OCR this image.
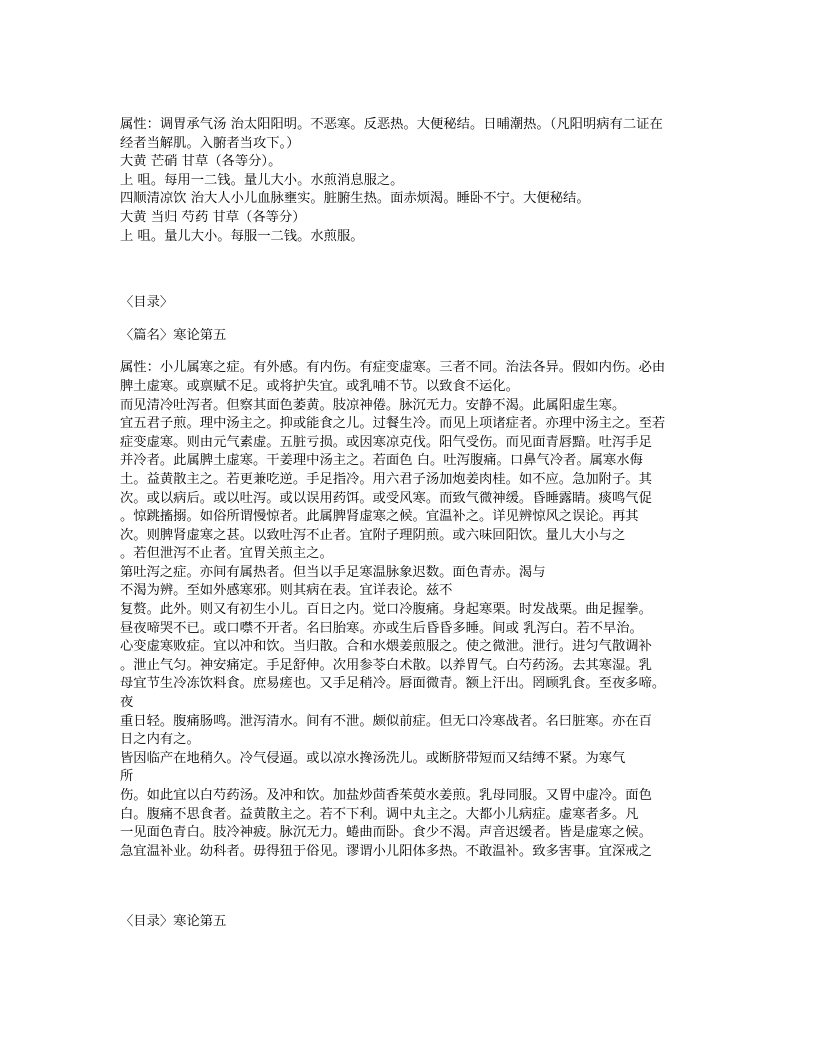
属性：调胃承气汤 治太阳阳明。不恶寒。反恶热。大便秘结。日晡潮热。（凡阳明病有二证在
经者当解肌。入腑者当攻下。）
大黄 芒硝 甘草（各等分）。
上 咀。每用一二钱。量儿大小。水煎消息服之。
四顺清凉饮 治大人小儿血脉壅实。脏腑生热。面赤烦渴。睡卧不宁。大便秘结。
大黄 当归 芍药 甘草（各等分）
上 咀。量儿大小。每服一二钱。水煎服。
〈目录〉
〈篇名〉寒论第五
属性：小儿属寒之症。有外感。有内伤。有症变虚寒。三者不同。治法各异。假如内伤。必由
脾土虚寒。或禀赋不足。或将护失宜。或乳哺不节。以致食不运化。
而见清冷吐泻者。但察其面色萎黄。肢凉神倦。脉沉无力。安静不渴。此属阳虚生寒。
宜五君子煎。理中汤主之。抑或能食之儿。过餐生冷。而见上项诸症者。亦理中汤主之。至若
症变虚寒。则由元气素虚。五脏亏损。或因寒凉克伐。阳气受伤。而见面青唇黯。吐泻手足
并冷者。此属脾土虚寒。干姜理中汤主之。若面色 白。吐泻腹痛。口鼻气冷者。属寒水侮
土。益黄散主之。若更兼吃逆。手足指冷。用六君子汤加炮姜肉桂。如不应。急加附子。其
次。或以病后。或以吐泻。或以误用药饵。或受风寒。而致气微神缓。昏睡露睛。痰鸣气促
。惊跳搐搦。如俗所谓慢惊者。此属脾肾虚寒之候。宜温补之。详见辨惊风之误论。再其
次。则脾肾虚寒之甚。以致吐泻不止者。宜附子理阴煎。或六味回阳饮。量儿大小与之
。若但泄泻不止者。宜胃关煎主之。
第吐泻之症。亦间有属热者。但当以手足寒温脉象迟数。面色青赤。渴与
不渴为辨。至如外感寒邪。则其病在表。宜详表论。兹不
复赘。此外。则又有初生小儿。百日之内。觉口冷腹痛。身起寒栗。时发战栗。曲足握拳。
昼夜啼哭不已。或口噤不开者。名曰胎寒。亦或生后昏昏多睡。间或 乳泻白。若不早治。
心变虚寒败症。宜以冲和饮。当归散。合和水煨姜煎服之。使之微泄。泄行。进匀气散调补
。泄止气匀。神安痛定。手足舒伸。次用参苓白术散。以养胃气。白芍药汤。去其寒湿。乳
母宜节生冷冻饮料食。庶易瘥也。又手足稍冷。唇面微青。额上汗出。罔顾乳食。至夜多啼。
夜
重日轻。腹痛肠鸣。泄泻清水。间有不泄。颇似前症。但无口冷寒战者。名曰脏寒。亦在百
日之内有之。
皆因临产在地稍久。冷气侵逼。或以凉水搀汤洗儿。或断脐带短而又结缚不紧。为寒气
所
伤。如此宜以白芍药汤。及冲和饮。加盐炒茴香茱萸水姜煎。乳母同服。又胃中虚冷。面色
白。腹痛不思食者。益黄散主之。若不下利。调中丸主之。大都小儿病症。虚寒者多。凡
一见面色青白。肢冷神疲。脉沉无力。蜷曲而卧。食少不渴。声音迟缓者。皆是虚寒之候。
急宜温补业。幼科者。毋得狃于俗见。谬谓小儿阳体多热。不敢温补。致多害事。宜深戒之
〈目录〉寒论第五
